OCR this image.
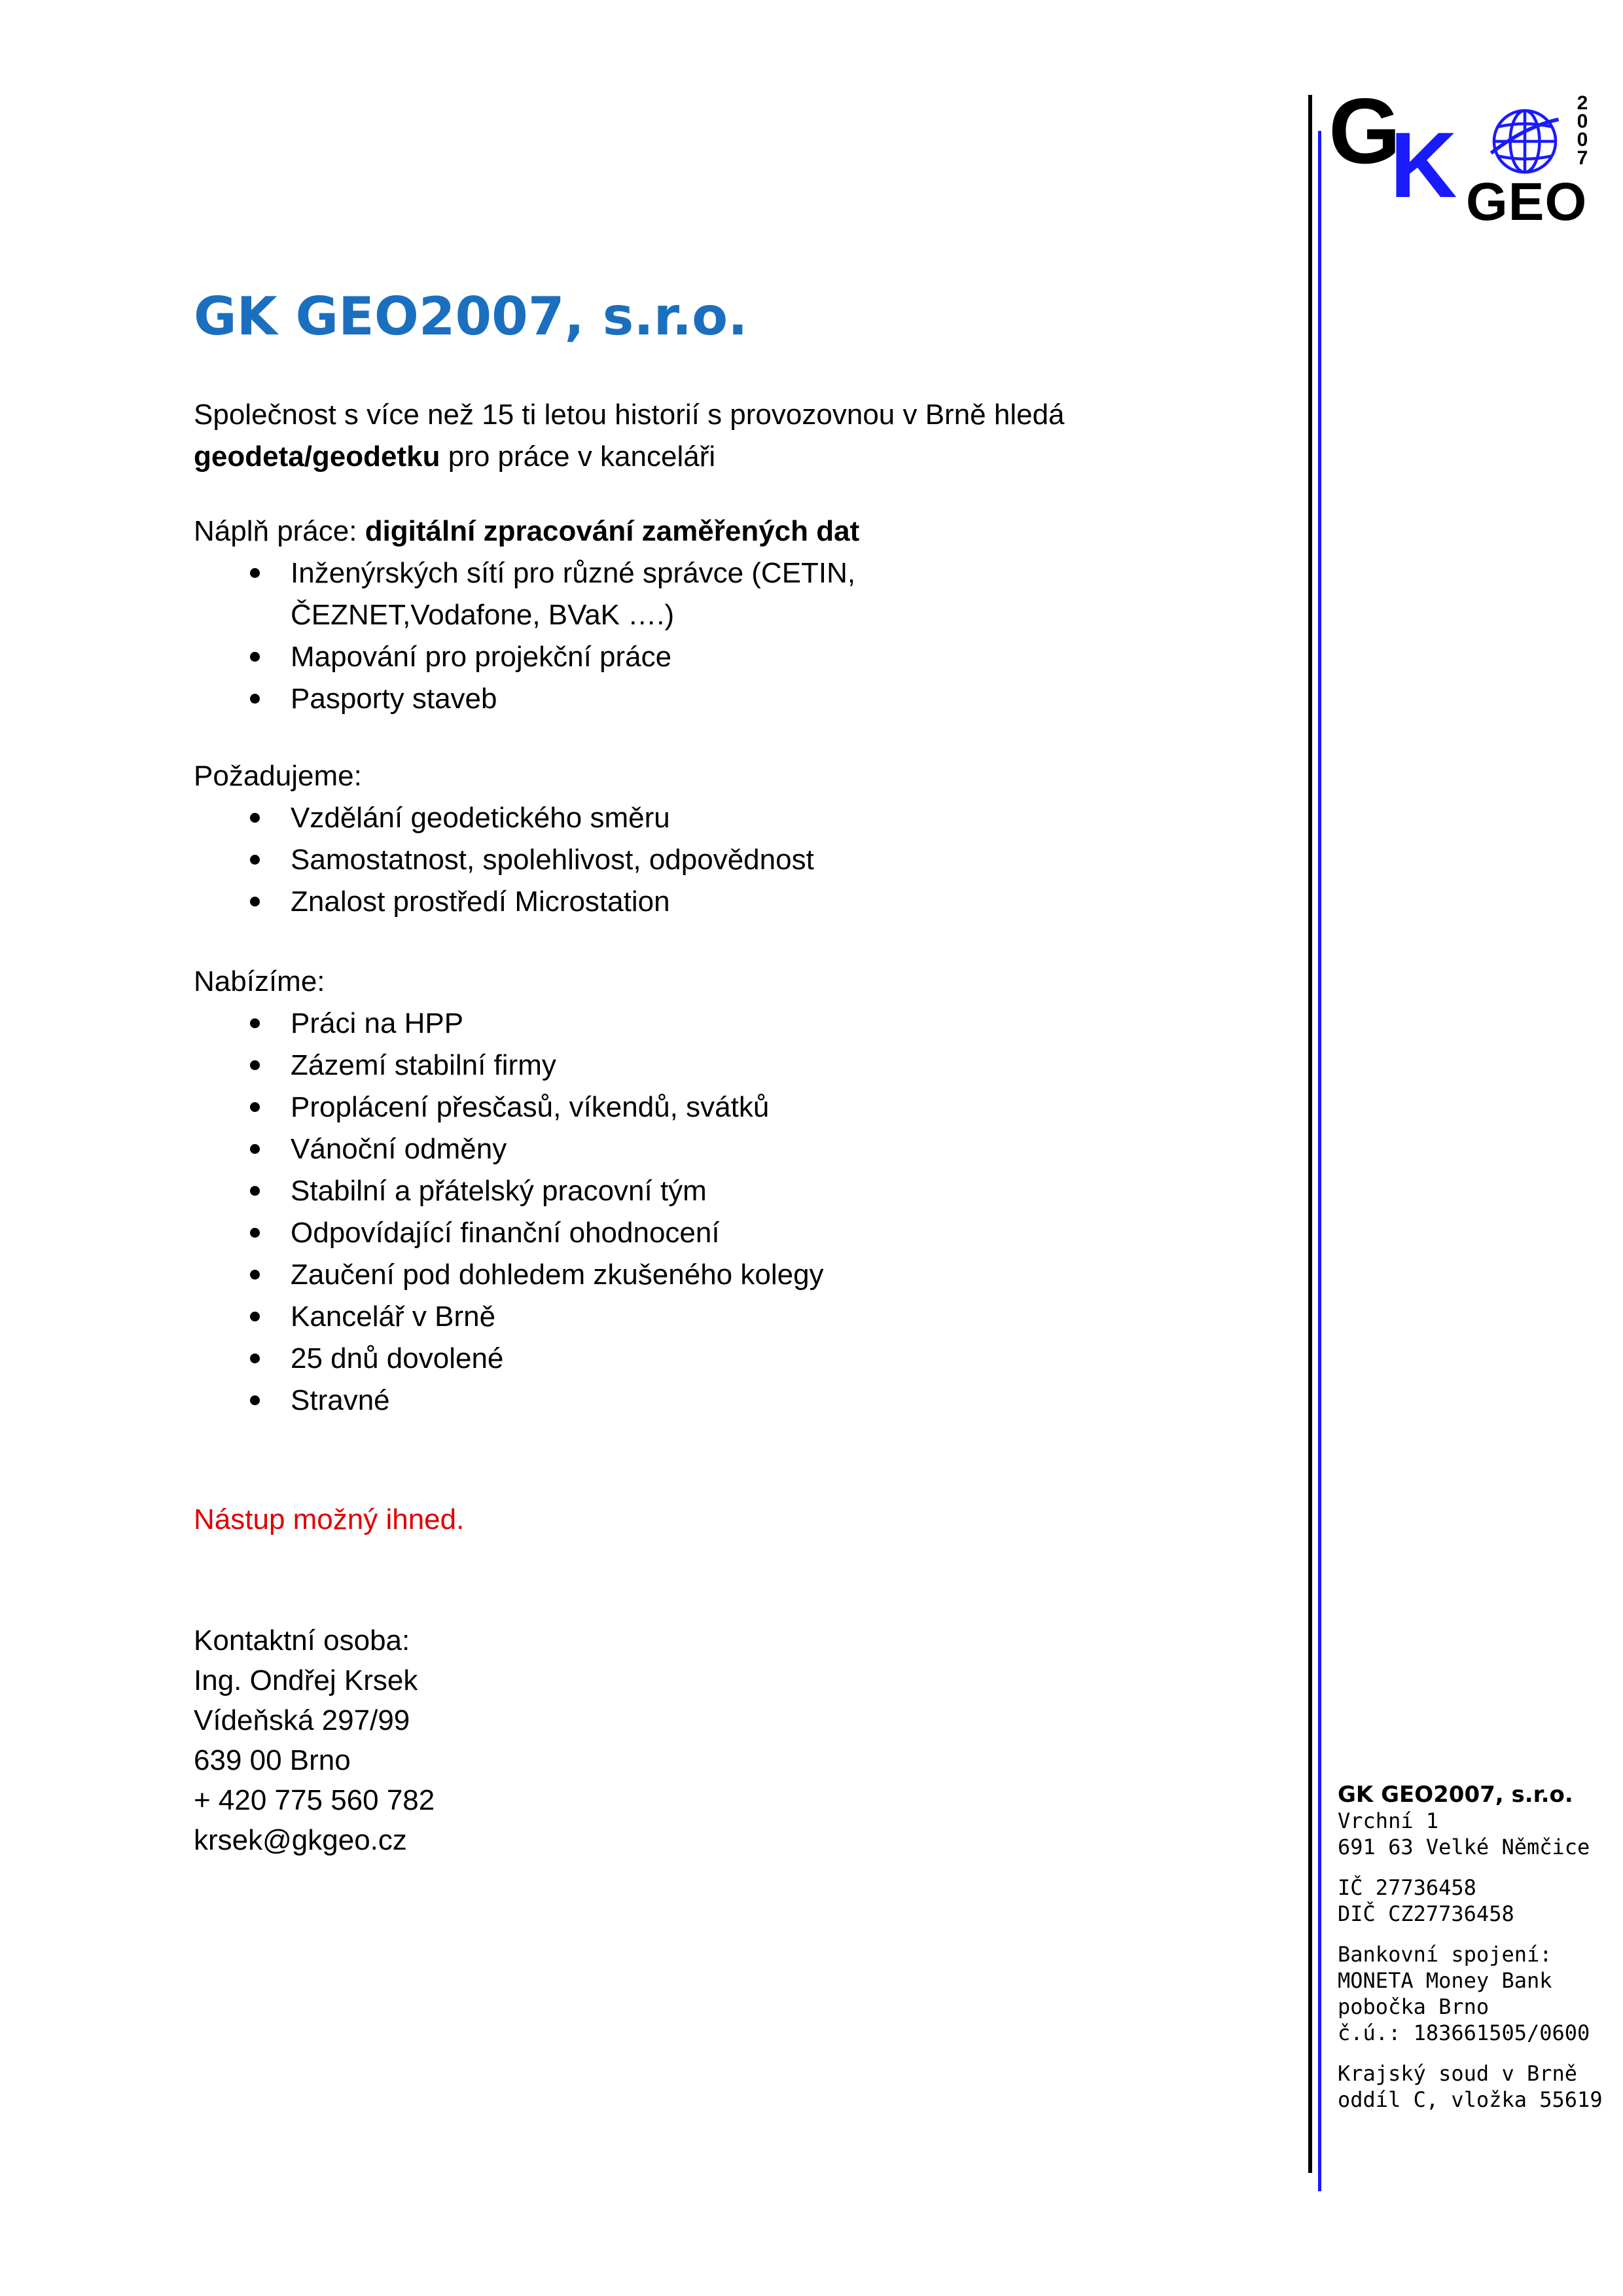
G
K GEO
2007
GK GEO2007, s.r.o.
Společnost s více než 15 ti letou historií s provozovnou v Brně hledá
geodeta/geodetku pro práce v kanceláři
Náplň práce: digitální zpracování zaměřených dat
Inženýrských sítí pro různé správce (CETIN, ČEZNET,Vodafone, BVaK ….)
Mapování pro projekční práce
Pasporty staveb
Požadujeme:
Vzdělání geodetického směru
Samostatnost, spolehlivost, odpovědnost
Znalost prostředí Microstation
Nabízíme:
Práci na HPP
Zázemí stabilní firmy
Proplácení přesčasů, víkendů, svátků
Vánoční odměny
Stabilní a přátelský pracovní tým
Odpovídající finanční ohodnocení
Zaučení pod dohledem zkušeného kolegy
Kancelář v Brně
25 dnů dovolené
Stravné
Nástup možný ihned.
Kontaktní osoba:
Ing. Ondřej Krsek
Vídeňská 297/99
639 00 Brno
+ 420 775 560 782
krsek@gkgeo.cz
GK GEO2007, s.r.o.
Vrchní 1
691 63 Velké Němčice
IČ 27736458
DIČ CZ27736458
Bankovní spojení:
MONETA Money Bank
pobočka Brno
č.ú.: 183661505/0600
Krajský soud v Brně
oddíl C, vložka 55619
